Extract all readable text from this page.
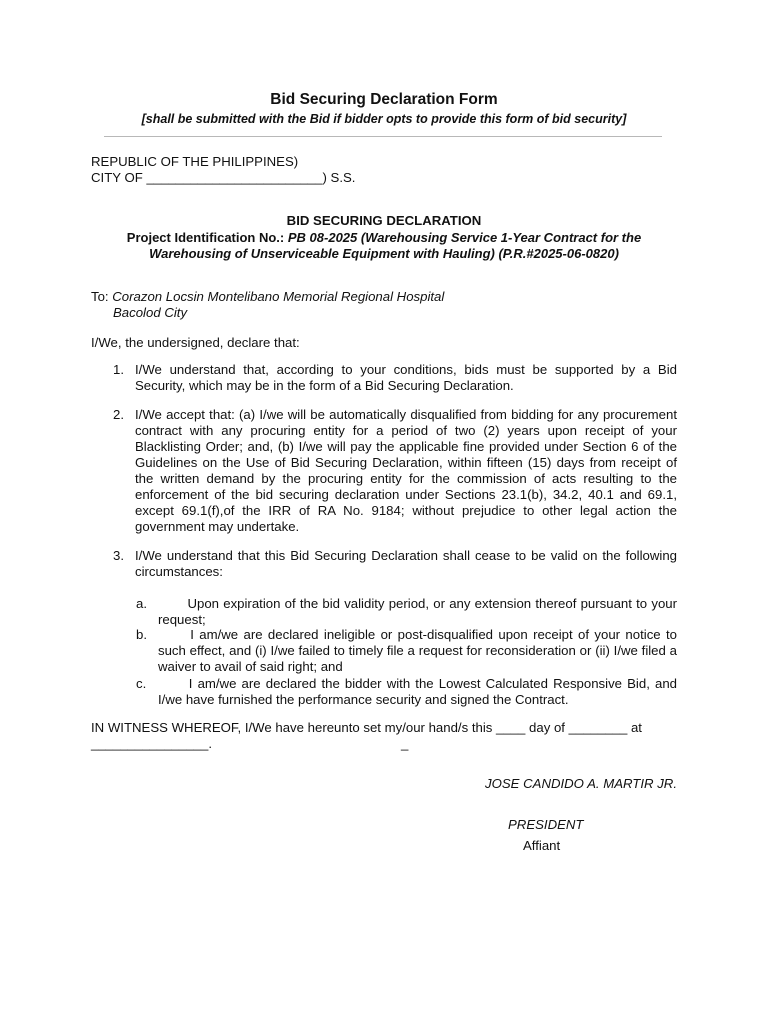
Bid Securing Declaration Form
[shall be submitted with the Bid if bidder opts to provide this form of bid security]
REPUBLIC OF THE PHILIPPINES)
CITY OF ________________________) S.S.
BID SECURING DECLARATION
Project Identification No.: PB 08-2025 (Warehousing Service 1-Year Contract for the
Warehousing of Unserviceable Equipment with Hauling) (P.R.#2025-06-0820)
To: Corazon Locsin Montelibano Memorial Regional Hospital
Bacolod City
I/We, the undersigned, declare that:
1. I/We understand that, according to your conditions, bids must be supported by a Bid Security, which may be in the form of a Bid Securing Declaration.
2. I/We accept that: (a) I/we will be automatically disqualified from bidding for any procurement contract with any procuring entity for a period of two (2) years upon receipt of your Blacklisting Order; and, (b) I/we will pay the applicable fine provided under Section 6 of the Guidelines on the Use of Bid Securing Declaration, within fifteen (15) days from receipt of the written demand by the procuring entity for the commission of acts resulting to the enforcement of the bid securing declaration under Sections 23.1(b), 34.2, 40.1 and 69.1, except 69.1(f),of the IRR of RA No. 9184; without prejudice to other legal action the government may undertake.
3. I/We understand that this Bid Securing Declaration shall cease to be valid on the following circumstances:
a. Upon expiration of the bid validity period, or any extension thereof pursuant to your request;
b. I am/we are declared ineligible or post-disqualified upon receipt of your notice to such effect, and (i) I/we failed to timely file a request for reconsideration or (ii) I/we filed a waiver to avail of said right; and
c. I am/we are declared the bidder with the Lowest Calculated Responsive Bid, and I/we have furnished the performance security and signed the Contract.
IN WITNESS WHEREOF, I/We have hereunto set my/our hand/s this ____ day of ________ at
________________.	_
JOSE CANDIDO A. MARTIR JR.
PRESIDENT
Affiant
